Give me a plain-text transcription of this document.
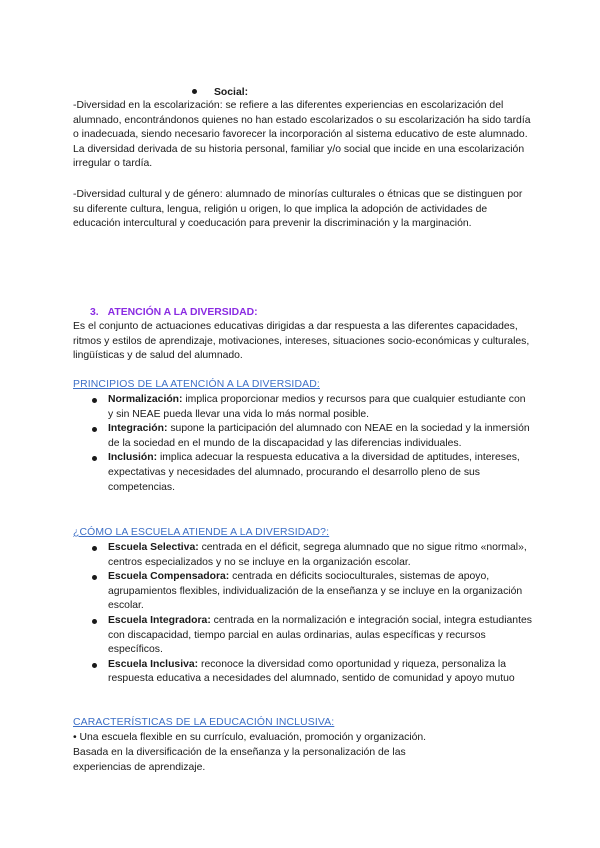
Social:

-Diversidad en la escolarización: se refiere a las diferentes experiencias en escolarización del alumnado, encontrándonos quienes no han estado escolarizados o su escolarización ha sido tardía o inadecuada, siendo necesario favorecer la incorporación al sistema educativo de este alumnado. La diversidad derivada de su historia personal, familiar y/o social que incide en una escolarización irregular o tardía.

-Diversidad cultural y de género: alumnado de minorías culturales o étnicas que se distinguen por su diferente cultura, lengua, religión u origen, lo que implica la adopción de actividades de educación intercultural y coeducación para prevenir la discriminación y la marginación.

3. ATENCIÓN A LA DIVERSIDAD:

Es el conjunto de actuaciones educativas dirigidas a dar respuesta a las diferentes capacidades, ritmos y estilos de aprendizaje, motivaciones, intereses, situaciones socio-económicas y culturales, lingüísticas y de salud del alumnado.

PRINCIPIOS DE LA ATENCIÓN A LA DIVERSIDAD:
Normalización: implica proporcionar medios y recursos para que cualquier estudiante con y sin NEAE pueda llevar una vida lo más normal posible.
Integración: supone la participación del alumnado con NEAE en la sociedad y la inmersión de la sociedad en el mundo de la discapacidad y las diferencias individuales.
Inclusión: implica adecuar la respuesta educativa a la diversidad de aptitudes, intereses, expectativas y necesidades del alumnado, procurando el desarrollo pleno de sus competencias.
¿CÓMO LA ESCUELA ATIENDE A LA DIVERSIDAD?:
Escuela Selectiva: centrada en el déficit, segrega alumnado que no sigue ritmo «normal», centros especializados y no se incluye en la organización escolar.
Escuela Compensadora: centrada en déficits socioculturales, sistemas de apoyo, agrupamientos flexibles, individualización de la enseñanza y se incluye en la organización escolar.
Escuela Integradora: centrada en la normalización e integración social, integra estudiantes con discapacidad, tiempo parcial en aulas ordinarias, aulas específicas y recursos específicos.
Escuela Inclusiva: reconoce la diversidad como oportunidad y riqueza, personaliza la respuesta educativa a necesidades del alumnado, sentido de comunidad y apoyo mutuo
CARACTERÍSTICAS DE LA EDUCACIÓN INCLUSIVA:

• Una escuela flexible en su currículo, evaluación, promoción y organización.

Basada en la diversificación de la enseñanza y la personalización de las

experiencias de aprendizaje.
